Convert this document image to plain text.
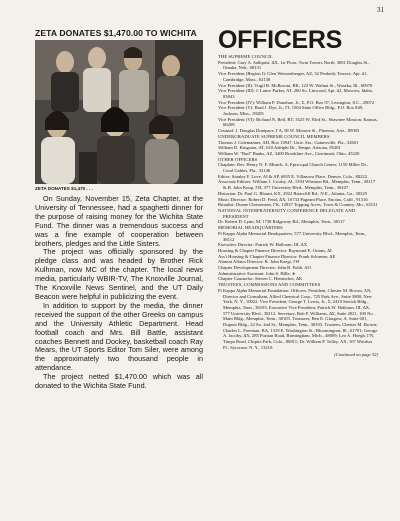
31
ZETA DONATES $1,470.00 TO WICHITA
ZETA DONATES $1,470 . . .

On Sunday, November 15, Zeta Chapter, at the University of Tennessee, had a spaghetti dinner for the purpose of raising money for the Wichita State Fund. The dinner was a tremendous success and was a fine example of cooperation between brothers, pledges and the Little Sisters.

The project was officially sponsored by the pledge class and was headed by Brother Rick Kulhman, now MC of the chapter. The local news media, particularly WBIR-TV, The Knoxville Journal, The Knoxville News Sentinel, and the UT Daily Beacon were helpful in publicizing the event.

In addition to support by the media, the dinner received the support of the other Greeks on campus and the University Athletic Department. Head football coach and Mrs. Bill Battle, assistant coaches Bennett and Dockey, basketball coach Ray Mears, the UT Sports Editor Tom Siler, were among the approximately two thousand people in attendance.

The project netted $1,470.00 which was all donated to the Wichita State Fund.

OFFICERS

THE SUPREME COUNCIL

President: Gary A. Sallquist, ΔX, 1st Floor, Twin Towers North, 3001 Douglas St., Omaha, Neb., 68131

Vice President (Region I): Glen Weissenberger, AZ, 32 Peabody Terrace, Apt. #1, Cambridge, Mass., 02138

Vice President (II): Virgil R. McBroom, BK, 123 W. Walnut St., Waseka, Ill., 60970

Vice President (III): J. Lance Parker, AT, 200 So. Linwood, Apt. #2, Moscow, Idaho, 83843

Vice President (IV): William P. Donahue, Jr., Σ, P.O. Box 97, Lexington, S.C., 29072

Vice President (V): Brad J. Dye, Jr., ΓI, 1504 State Office Bldg., P.O. Box 849, Jackson, Miss., 39205

Vice President (VI): Richard N. Bell, BT, 3325 W. 83rd St., Shawnee Mission, Kansas, 66208

Counsel: J. Douglas Dunipace, ΓA, III W. Monroe St., Phoenix, Ariz., 85003

UNDERGRADUATE SUPREME COUNCIL MEMBERS

Thomas J. Colemanner, AH, Box 13947, Univ. Sta., Gainesville, Fla., 32601

William D. Kingston, AT, 610 Adelphi Dr., Tempe, Arizona, 85281

William W. "Bud" Banks, AZ, 3400 Brookline Ave., Cincinnati, Ohio, 45220

OTHER OFFICERS

Chaplain: Rev. Henry N. F. Minich, A, Episcopal Church Center, 1150 Miller Dr., Coral Gables, Fla., 33146

Editor: Stanley F. Love, AI & AP, 6835 E. Villanova Place, Denver, Colo., 80222

Associate Editors: William J. Crosby, AI, 1394 Wheaton Rd., Memphis, Tenn., 38117 & B. John Knop, ΓH, 377 University Blvd., Memphis, Tenn., 38107

Historian: Dr. Paul G. Blount, KX, 2922 Briarcliff Rd., N.E., Atlanta, Ga., 30329

Music Director: Robert D. Fend, ΔX, 16733 Pageant Place, Encino, Calif., 91316

Ritualist: Duane Christensen, ΓK, 12837 Topping Acres, Town & Country, Mo., 63131

NATIONAL INTERFRATERNITY CONFERENCE DELEGATE AND PRESIDENT

Dr. Robert D. Lynn, M, 1738 Ridgeway Rd., Memphis, Tenn., 38117

MEMORIAL HEADQUARTERS

Pi Kappa Alpha Memorial Headquarters, 577 University Blvd., Memphis, Tenn., 38112

Executive Director: Patrick W. Halloran, III, ΔX

Housing & Chapter Finance Director: Raymond E. Orians, ΔI

Ass't Housing & Chapter Finance Director: Frank Schirmer, ΔE

Alumni Affairs Director: R. John Kaegi, ΓΘ

Chapter Development Director: John R. Pohli, AO

Administrative Assistant: John S. Hille, ∗

Chapter Counselor: Steven C. Hemischer, ΔK

TRUSTEES, COMMISSIONS AND COMMITTEES

Pi Kappa Alpha Memorial Foundation: Officers: President, Chester M. Brown, AN, Director and Consultant, Allied Chemical Corp., 725 Park Ave., Suite 3800, New York, N. Y., 10022. Vice President, George T. Lewis, Jr., Σ, 2410 Sterick Bldg., Memphis, Tenn., 38103. Executive Vice President, Patrick W. Halloran, III, ΔX, 577 University Blvd., 38112. Secretary, Bob F. Williams, ΔΣ, Suite 2021, 100 No. Main Bldg., Memphis, Tenn., 38103. Treasurer, Ben E. Glasgow, A, Suite 601, Dupont Bldg., 22 So. 2nd St., Memphis, Tenn., 38103. Trustees: Chester M. Brown; Charles L. Freeman, BA, 1319 E. Washington St., Bloomington, Ill., 61701; George A. Jacoby, ΔX, 285 Puritan Road, Birmingham, Mich., 48009; Leo A. Hoegh, ΓN, Timpa Road, Chipita Park, Colo., 80811; Dr. William P. Tolley, AX, 107 Windsor Pl., Syracuse, N. Y., 13210.

(Continued on page 32)
